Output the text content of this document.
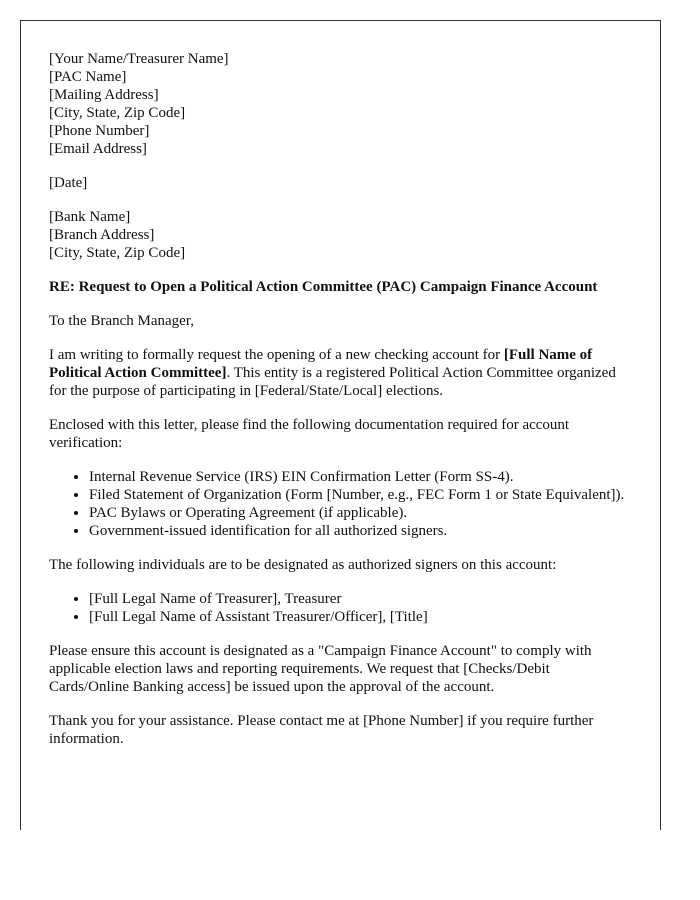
[Your Name/Treasurer Name]
[PAC Name]
[Mailing Address]
[City, State, Zip Code]
[Phone Number]
[Email Address]

[Date]

[Bank Name]
[Branch Address]
[City, State, Zip Code]

RE: Request to Open a Political Action Committee (PAC) Campaign Finance Account

To the Branch Manager,

I am writing to formally request the opening of a new checking account for [Full Name of Political Action Committee]. This entity is a registered Political Action Committee organized for the purpose of participating in [Federal/State/Local] elections.

Enclosed with this letter, please find the following documentation required for account verification:

• Internal Revenue Service (IRS) EIN Confirmation Letter (Form SS-4).
• Filed Statement of Organization (Form [Number, e.g., FEC Form 1 or State Equivalent]).
• PAC Bylaws or Operating Agreement (if applicable).
• Government-issued identification for all authorized signers.

The following individuals are to be designated as authorized signers on this account:

• [Full Legal Name of Treasurer], Treasurer
• [Full Legal Name of Assistant Treasurer/Officer], [Title]

Please ensure this account is designated as a "Campaign Finance Account" to comply with applicable election laws and reporting requirements. We request that [Checks/Debit Cards/Online Banking access] be issued upon the approval of the account.

Thank you for your assistance. Please contact me at [Phone Number] if you require further information.
